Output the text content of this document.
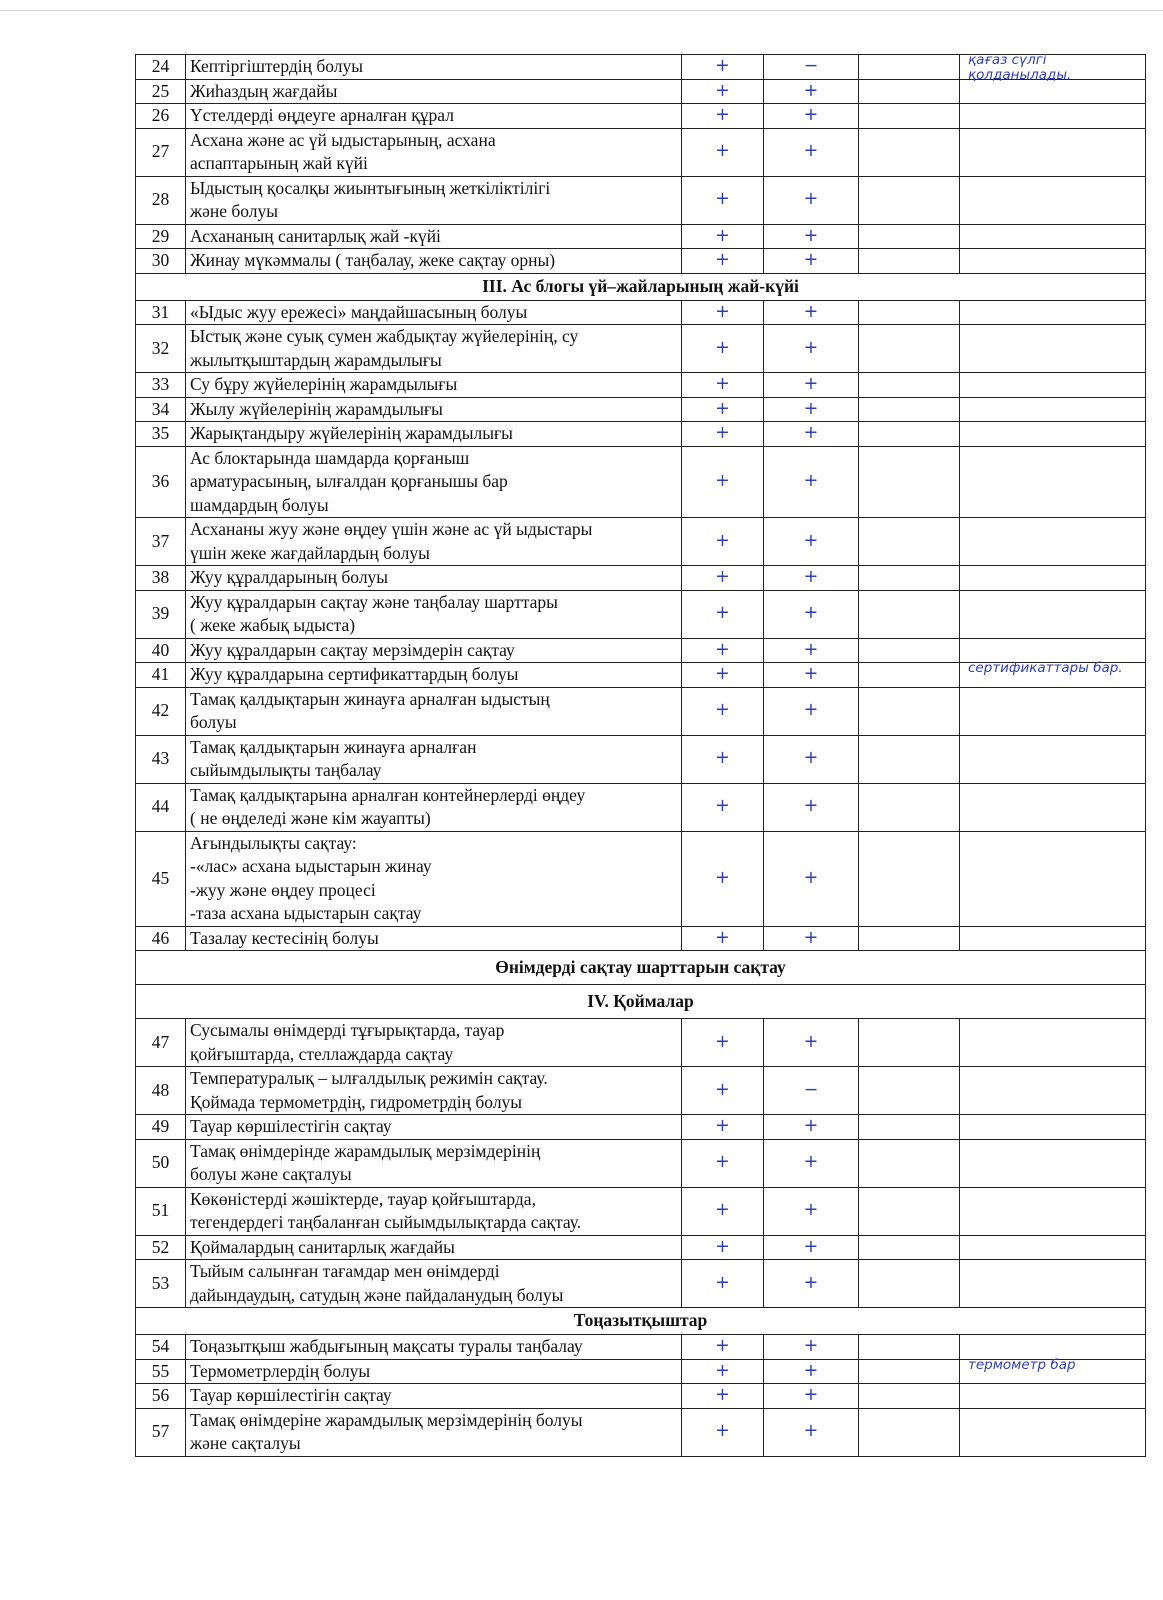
24	Кептіргіштердің болуы	+	−		қағаз сүлгі қолданылады.

25	Жиһаздың жағдайы	+	+		
26	Үстелдерді өңдеуге арналған құрал	+	+		
27	Асхана және ас үй ыдыстарының, асхана
аспаптарының жай күйі	+	+		
28	Ыдыстың қосалқы жиынтығының жеткіліктілігі
және болуы	+	+		
29	Асхананың санитарлық жай -күйі	+	+		
30	Жинау мүкәммалы ( таңбалау, жеке сақтау орны)	+	+		
III. Ас блогы үй–жайларының жай-күйі					
31	«Ыдыс жуу ережесі» маңдайшасының болуы	+	+		
32	Ыстық және суық сумен жабдықтау жүйелерінің, су
жылытқыштардың жарамдылығы	+	+		
33	Су бұру жүйелерінің жарамдылығы	+	+		
34	Жылу жүйелерінің жарамдылығы	+	+		
35	Жарықтандыру жүйелерінің жарамдылығы	+	+		
36	Ас блоктарында шамдарда қорғаныш
арматурасының, ылғалдан қорғанышы бар
шамдардың болуы	+	+		
37	Асхананы жуу және өңдеу үшін және ас үй ыдыстары
үшін жеке жағдайлардың болуы	+	+		
38	Жуу құралдарының болуы	+	+		
39	Жуу құралдарын сақтау және таңбалау шарттары
( жеке жабық ыдыста)	+	+		
40	Жуу құралдарын сақтау мерзімдерін сақтау	+	+		
41	Жуу құралдарына сертификаттардың болуы	+	+		сертификаттары бар.

42	Тамақ қалдықтарын жинауға арналған ыдыстың
болуы	+	+		
43	Тамақ қалдықтарын жинауға арналған
сыйымдылықты таңбалау	+	+		
44	Тамақ қалдықтарына арналған контейнерлерді өңдеу
( не өңделеді және кім жауапты)	+	+		
45	Ағындылықты сақтау:
-«лас» асхана ыдыстарын жинау
-жуу және өңдеу процесі
-таза асхана ыдыстарын сақтау	+	+		
46	Тазалау кестесінің болуы	+	+		
Өнімдерді сақтау шарттарын сақтау					
IV. Қоймалар					
47	Сусымалы өнімдерді тұғырықтарда, тауар
қойғыштарда, стеллаждарда сақтау	+	+		
48	Температуралық – ылғалдылық режимін сақтау.
Қоймада термометрдің, гидрометрдің болуы	+	−		
49	Тауар көршілестігін сақтау	+	+		
50	Тамақ өнімдерінде жарамдылық мерзімдерінің
болуы және сақталуы	+	+		
51	Көкөністерді жәшіктерде, тауар қойғыштарда,
тегендердегі таңбаланған сыйымдылықтарда сақтау.	+	+		
52	Қоймалардың санитарлық жағдайы	+	+		
53	Тыйым салынған тағамдар мен өнімдерді
дайындаудың, сатудың және пайдаланудың болуы	+	+		
Тоңазытқыштар					
54	Тоңазытқыш жабдығының мақсаты туралы таңбалау	+	+		
55	Термометрлердің болуы	+	+		термометр бар

56	Тауар көршілестігін сақтау	+	+		
57	Тамақ өнімдеріне жарамдылық мерзімдерінің болуы
және сақталуы	+	+		
